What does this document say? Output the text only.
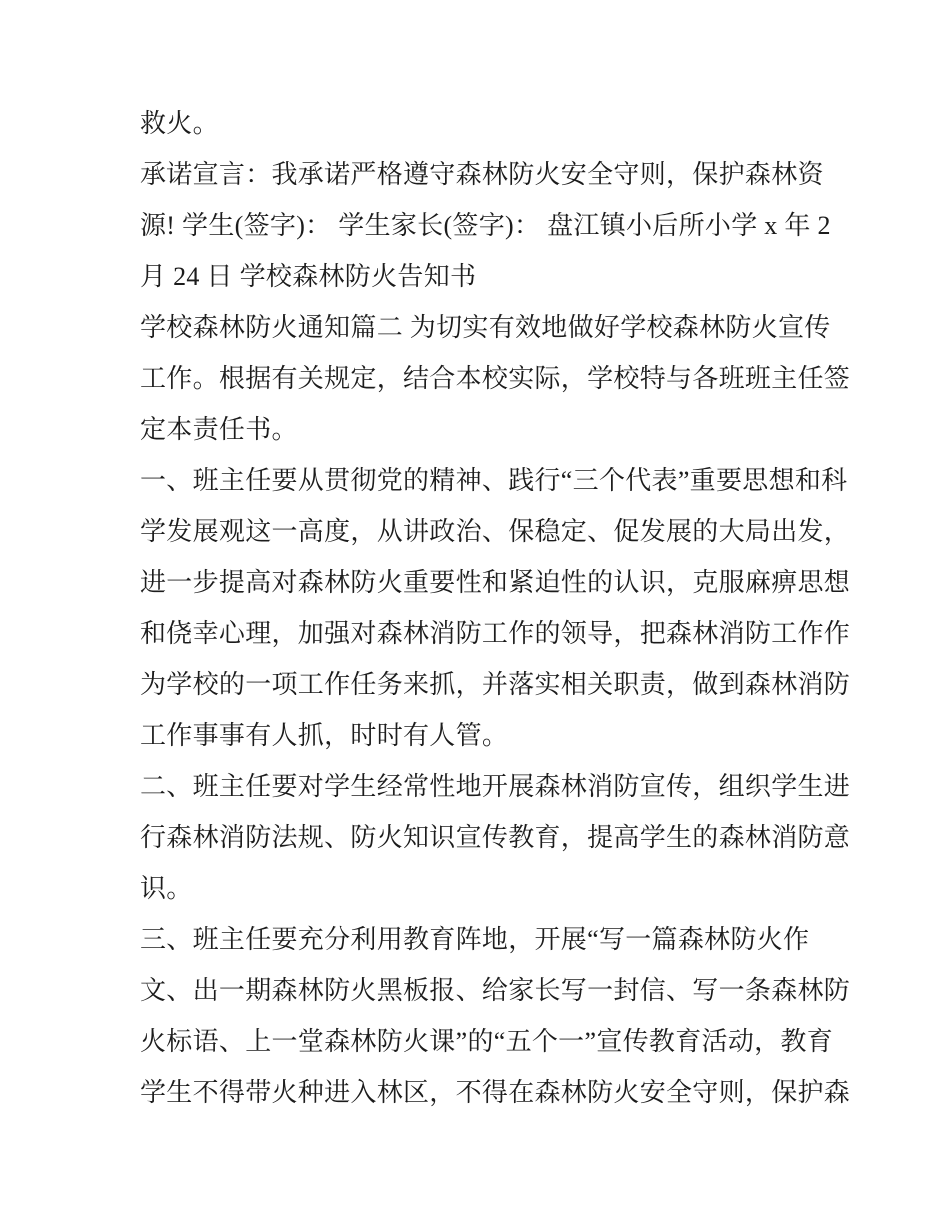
救火。
承诺宣言：我承诺严格遵守森林防火安全守则，保护森林资
源! 学生(签字)： 学生家长(签字)： 盘江镇小后所小学 x 年 2
月 24 日 学校森林防火告知书
学校森林防火通知篇二 为切实有效地做好学校森林防火宣传
工作。根据有关规定，结合本校实际，学校特与各班班主任签
定本责任书。
一、班主任要从贯彻党的精神、践行“三个代表”重要思想和科
学发展观这一高度，从讲政治、保稳定、促发展的大局出发，
进一步提高对森林防火重要性和紧迫性的认识，克服麻痹思想
和侥幸心理，加强对森林消防工作的领导，把森林消防工作作
为学校的一项工作任务来抓，并落实相关职责，做到森林消防
工作事事有人抓，时时有人管。
二、班主任要对学生经常性地开展森林消防宣传，组织学生进
行森林消防法规、防火知识宣传教育，提高学生的森林消防意
识。
三、班主任要充分利用教育阵地，开展“写一篇森林防火作
文、出一期森林防火黑板报、给家长写一封信、写一条森林防
火标语、上一堂森林防火课”的“五个一”宣传教育活动，教育
学生不得带火种进入林区，不得在森林防火安全守则，保护森
